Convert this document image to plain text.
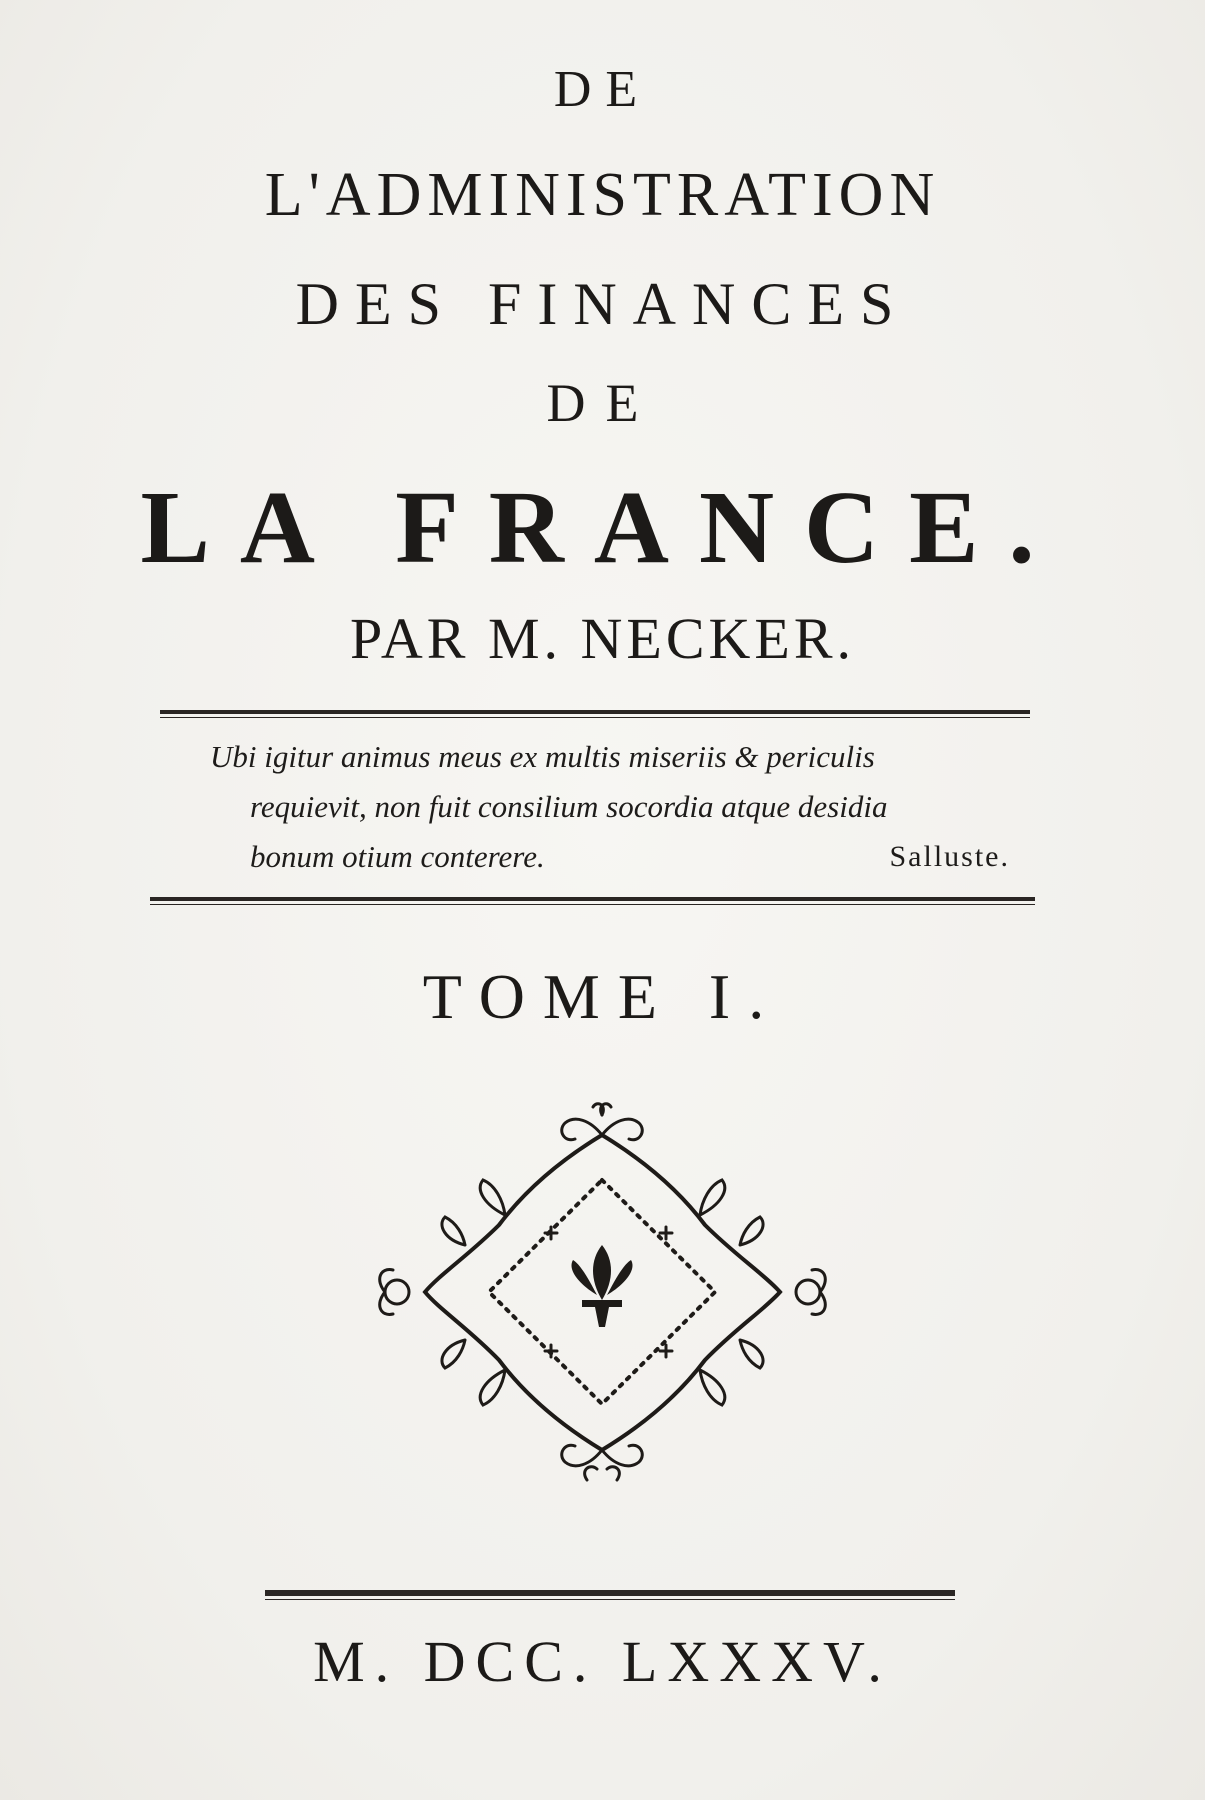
DE
L'ADMINISTRATION
DES FINANCES
DE
LA FRANCE.
PAR M. NECKER.
Ubi igitur animus meus ex multis miseriis & periculis
requievit, non fuit consilium socordia atque desidia
bonum otium conterere.	Salluste.
TOME I.
M. DCC. LXXXV.
